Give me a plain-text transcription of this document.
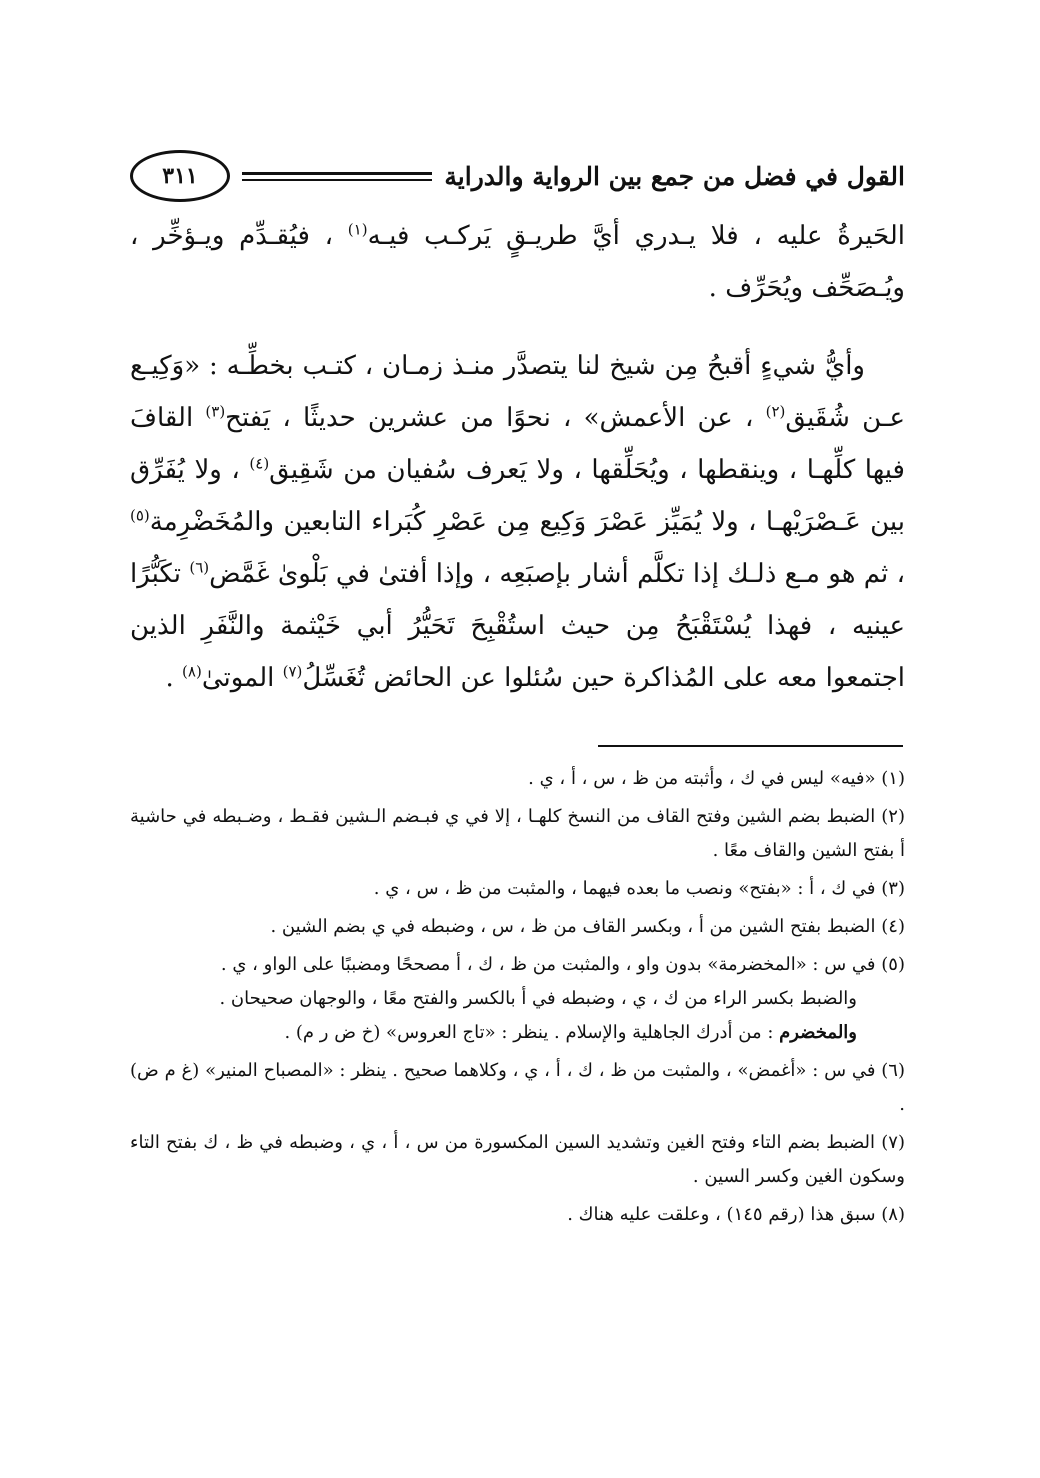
٣١١	القول في فضل من جمع بين الرواية والدراية

الحَيرةُ عليه ، فلا يـدري أيَّ طريـقٍ يَركـب فيـه$^{(١)}$ ، فيُقـدِّم ويـؤخِّر ، ويُـصَحِّف ويُحَرِّف .

وأيُّ شيءٍ أقبحُ مِن شيخ لنا يتصدَّر منـذ زمـان ، كتـب بخطِّـه : «وَكِيـع عـن شُقَيق$^{(٢)}$ ، عن الأعمش» ، نحوًا من عشرين حديثًا ، يَفتح$^{(٣)}$ القافَ فيها كلِّهـا ، وينقطها ، ويُحَلِّقها ، ولا يَعرف سُفيان من شَقِيق$^{(٤)}$ ، ولا يُفَرِّق بين عَـصْرَيْهـا ، ولا يُمَيِّز عَصْرَ وَكِيع مِن عَصْرِ كُبَراء التابعين والمُخَضْرِمة$^{(٥)}$ ، ثم هو مـع ذلـك إذا تكلَّم أشار بإصبَعِه ، وإذا أفتىٰ في بَلْوىٰ غَمَّض$^{(٦)}$ تكَبُّرًا عينيه ، فهذا يُسْتَقْبَحُ مِن حيث استُقْبِحَ تَحَيُّرُ أبي خَيْثمة والنَّفَرِ الذين اجتمعوا معه على المُذاكرة حين سُئلوا عن الحائض تُغَسِّلُ$^{(٧)}$ الموتىٰ$^{(٨)}$ .

(١) «فيه» ليس في ك ، وأثبته من ظ ، س ، أ ، ي .
(٢) الضبط بضم الشين وفتح القاف من النسخ كلهـا ، إلا في ي فبـضم الـشين فقـط ، وضـبطه في حاشية أ بفتح الشين والقاف معًا .
(٣) في ك ، أ : «بفتح» ونصب ما بعده فيهما ، والمثبت من ظ ، س ، ي .
(٤) الضبط بفتح الشين من أ ، وبكسر القاف من ظ ، س ، وضبطه في ي بضم الشين .
(٥) في س : «المخضرمة» بدون واو ، والمثبت من ظ ، ك ، أ مصححًا ومضببًا على الواو ، ي .
والضبط بكسر الراء من ك ، ي ، وضبطه في أ بالكسر والفتح معًا ، والوجهان صحيحان .
والمخضرم : من أدرك الجاهلية والإسلام . ينظر : «تاج العروس» (خ ض ر م) .
(٦) في س : «أغمض» ، والمثبت من ظ ، ك ، أ ، ي ، وكلاهما صحيح . ينظر : «المصباح المنير» (غ م ض) .
(٧) الضبط بضم التاء وفتح الغين وتشديد السين المكسورة من س ، أ ، ي ، وضبطه في ظ ، ك بفتح التاء وسكون الغين وكسر السين .
(٨) سبق هذا (رقم ١٤٥) ، وعلقت عليه هناك .
